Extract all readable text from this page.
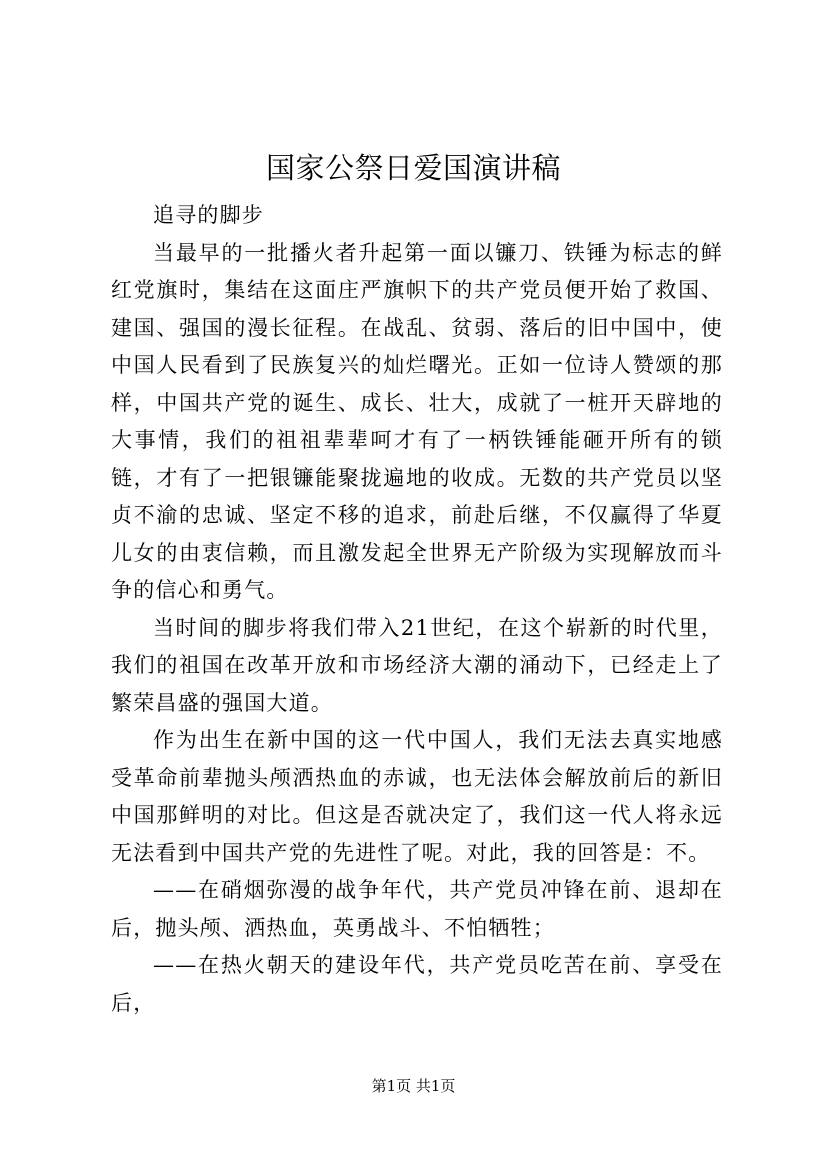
国家公祭日爱国演讲稿

追寻的脚步

当最早的一批播火者升起第一面以镰刀、铁锤为标志的鲜红党旗时，集结在这面庄严旗帜下的共产党员便开始了救国、建国、强国的漫长征程。在战乱、贫弱、落后的旧中国中，使中国人民看到了民族复兴的灿烂曙光。正如一位诗人赞颂的那样，中国共产党的诞生、成长、壮大，成就了一桩开天辟地的大事情，我们的祖祖辈辈呵才有了一柄铁锤能砸开所有的锁链，才有了一把银镰能聚拢遍地的收成。无数的共产党员以坚贞不渝的忠诚、坚定不移的追求，前赴后继，不仅赢得了华夏儿女的由衷信赖，而且激发起全世界无产阶级为实现解放而斗争的信心和勇气。

当时间的脚步将我们带入21世纪，在这个崭新的时代里，我们的祖国在改革开放和市场经济大潮的涌动下，已经走上了繁荣昌盛的强国大道。

作为出生在新中国的这一代中国人，我们无法去真实地感受革命前辈抛头颅洒热血的赤诚，也无法体会解放前后的新旧中国那鲜明的对比。但这是否就决定了，我们这一代人将永远无法看到中国共产党的先进性了呢。对此，我的回答是：不。

——在硝烟弥漫的战争年代，共产党员冲锋在前、退却在后，抛头颅、洒热血，英勇战斗、不怕牺牲；

——在热火朝天的建设年代，共产党员吃苦在前、享受在后，

第1页 共1页
